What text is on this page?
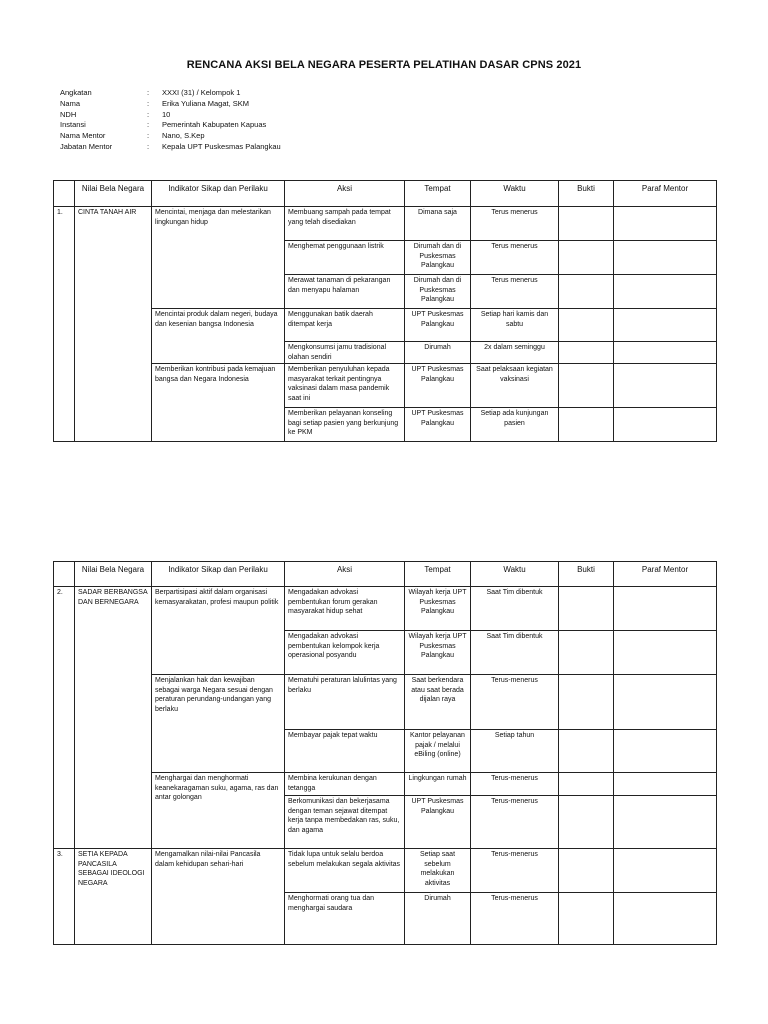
RENCANA AKSI BELA NEGARA PESERTA PELATIHAN DASAR CPNS 2021
Angkatan	:	XXXI (31) / Kelompok 1
Nama	:	Erika Yuliana Magat, SKM
NDH	:	10
Instansi	:	Pemerintah Kabupaten Kapuas
Nama Mentor	:	Nano, S.Kep
Jabatan Mentor	:	Kepala UPT Puskesmas Palangkau
	Nilai Bela Negara	Indikator Sikap dan Perilaku	Aksi	Tempat	Waktu	Bukti	Paraf Mentor
1.	CINTA TANAH AIR	Mencintai, menjaga dan melestarikan lingkungan hidup	Membuang sampah pada tempat yang telah disediakan	Dimana saja	Terus menerus		
			Menghemat penggunaan listrik	Dirumah dan di Puskesmas Palangkau	Terus menerus		
			Merawat tanaman di pekarangan dan menyapu halaman	Dirumah dan di Puskesmas Palangkau	Terus menerus		
		Mencintai produk dalam negeri, budaya dan kesenian bangsa Indonesia	Menggunakan batik daerah ditempat kerja	UPT Puskesmas Palangkau	Setiap hari kamis dan sabtu		
			Mengkonsumsi jamu tradisional olahan sendiri	Dirumah	2x dalam seminggu		
		Memberikan kontribusi pada kemajuan bangsa dan Negara Indonesia	Memberikan penyuluhan kepada masyarakat terkait pentingnya vaksinasi dalam masa pandemik saat ini	UPT Puskesmas Palangkau	Saat pelaksaan kegiatan vaksinasi		
			Memberikan pelayanan konseling bagi setiap pasien yang berkunjung ke PKM	UPT Puskesmas Palangkau	Setiap ada kunjungan pasien		
	Nilai Bela Negara	Indikator Sikap dan Perilaku	Aksi	Tempat	Waktu	Bukti	Paraf Mentor
2.	SADAR BERBANGSA DAN BERNEGARA	Berpartisipasi aktif dalam organisasi kemasyarakatan, profesi maupun politik	Mengadakan advokasi pembentukan forum gerakan masyarakat hidup sehat	Wilayah kerja UPT Puskesmas Palangkau	Saat Tim dibentuk		
			Mengadakan advokasi pembentukan kelompok kerja operasional posyandu	Wilayah kerja UPT Puskesmas Palangkau	Saat Tim dibentuk		
		Menjalankan hak dan kewajiban sebagai warga Negara sesuai dengan peraturan perundang-undangan yang berlaku	Mematuhi peraturan lalulintas yang berlaku	Saat berkendara atau saat berada dijalan raya	Terus-menerus		
			Membayar pajak tepat waktu	Kantor pelayanan pajak / melalui eBiling (online)	Setiap tahun		
		Menghargai dan menghormati keanekaragaman suku, agama, ras dan antar golongan	Membina kerukunan dengan tetangga	Lingkungan rumah	Terus-menerus		
			Berkomunikasi dan bekerjasama dengan teman sejawat ditempat kerja tanpa membedakan ras, suku, dan agama	UPT Puskesmas Palangkau	Terus-menerus		
3.	SETIA KEPADA PANCASILA SEBAGAI IDEOLOGI NEGARA	Mengamalkan nilai-nilai Pancasila dalam kehidupan sehari-hari	Tidak lupa untuk selalu berdoa sebelum melakukan segala aktivitas	Setiap saat sebelum melakukan aktivitas	Terus-menerus		
			Menghormati orang tua dan menghargai saudara	Dirumah	Terus-menerus		
